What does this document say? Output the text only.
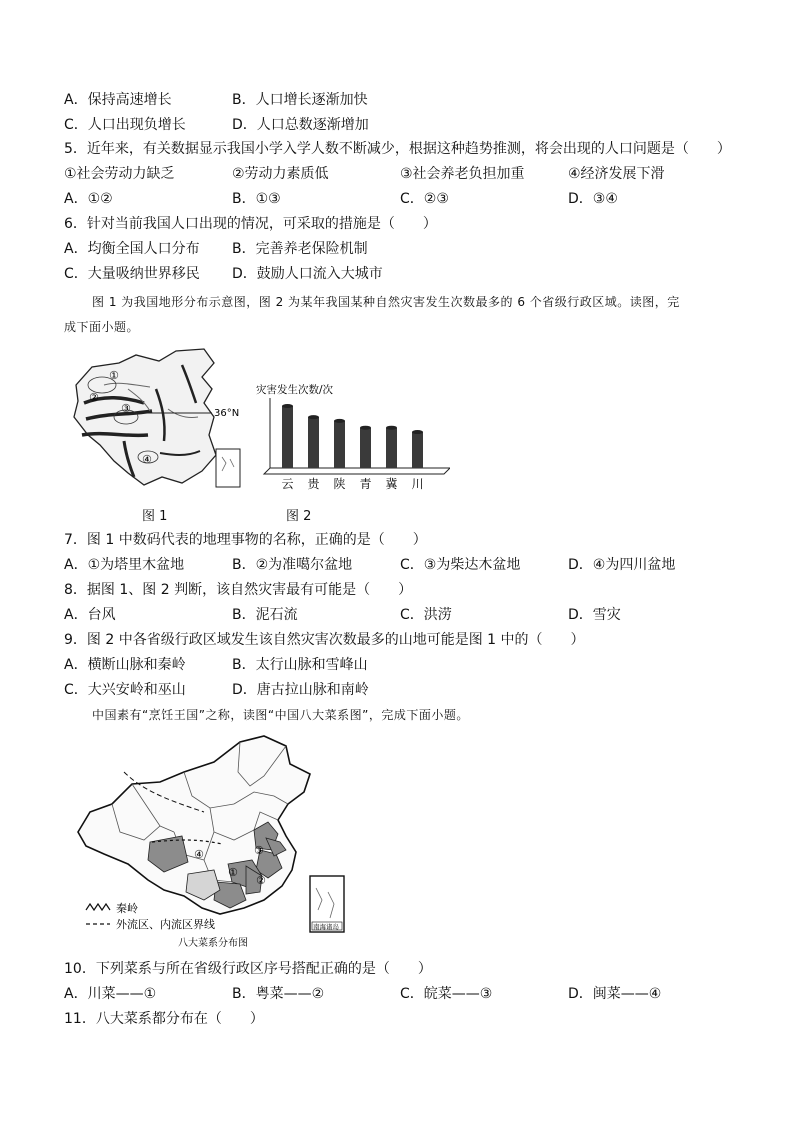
A．保持高速增长	B．人口增长逐渐加快
C．人口出现负增长	D．人口总数逐渐增加
5．近年来，有关数据显示我国小学入学人数不断减少，根据这种趋势推测，将会出现的人口问题是（　　）
①社会劳动力缺乏	②劳动力素质低	③社会养老负担加重	④经济发展下滑
A．①②	B．①③	C．②③	D．③④
6．针对当前我国人口出现的情况，可采取的措施是（　　）
A．均衡全国人口分布 B．完善养老保险机制
C．大量吸纳世界移民 D．鼓励人口流入大城市
图 1 为我国地形分布示意图，图 2 为某年我国某种自然灾害发生次数最多的 6 个省级行政区域。读图，完
成下面小题。
①
②
③
④
36°N
图 1
灾害发生次数/次
云 贵 陕 青 冀 川
图 2
7．图 1 中数码代表的地理事物的名称，正确的是（　　）
A．①为塔里木盆地	B．②为准噶尔盆地	C．③为柴达木盆地	D．④为四川盆地
8．据图 1、图 2 判断，该自然灾害最有可能是（　　）
A．台风	B．泥石流	C．洪涝	D．雪灾
9．图 2 中各省级行政区域发生该自然灾害次数最多的山地可能是图 1 中的（　　）
A．横断山脉和秦岭	B．太行山脉和雪峰山
C．大兴安岭和巫山	D．唐古拉山脉和南岭
中国素有“烹饪王国”之称，读图“中国八大菜系图”，完成下面小题。
①
②
③
④
秦岭
外流区、内流区界线
八大菜系分布图
南海诸岛
10．下列菜系与所在省级行政区序号搭配正确的是（　　）
A．川菜——①	B．粤菜——②	C．皖菜——③	D．闽菜——④
11．八大菜系都分布在（　　）
